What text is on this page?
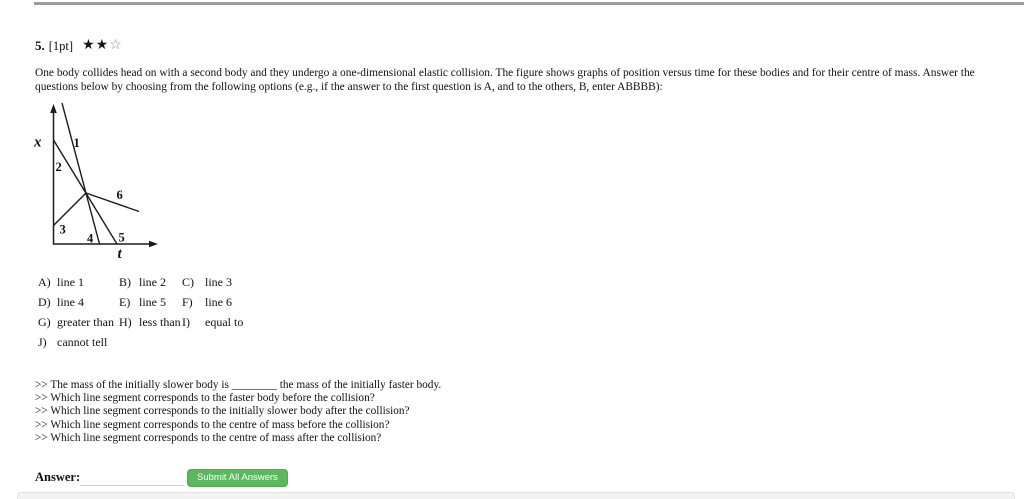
5. [1pt] ★ ★ ☆
One body collides head on with a second body and they undergo a one-dimensional elastic collision. The figure shows graphs of position versus time for these bodies and for their centre of mass. Answer the questions below by choosing from the following options (e.g., if the answer to the first question is A, and to the others, B, enter ABBBB):
1
2
3
4 5
6
x
t
A) line 1	B) line 2	C) line 3
D) line 4	E) line 5	F)	line 6
G) greater than H) less than I)	equal to
J) cannot tell
>> The mass of the initially slower body is ________ the mass of the initially faster body.
>> Which line segment corresponds to the faster body before the collision?
>> Which line segment corresponds to the initially slower body after the collision?
>> Which line segment corresponds to the centre of mass before the collision?
>> Which line segment corresponds to the centre of mass after the collision?
Answer:	Submit All Answers
